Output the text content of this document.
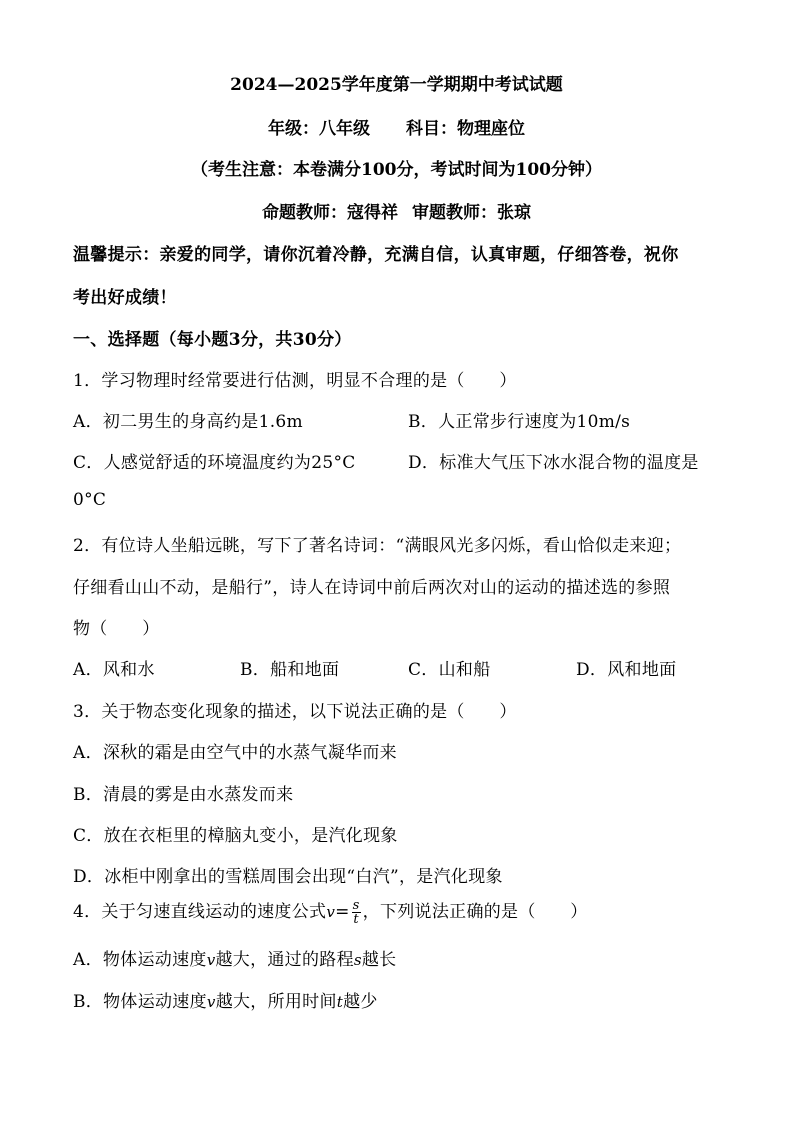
2024—2025学年度第一学期期中考试试题
年级：八年级 科目：物理座位
（考生注意：本卷满分100分，考试时间为100分钟）
命题教师：寇得祥 审题教师：张琼
温馨提示：亲爱的同学，请你沉着冷静，充满自信，认真审题，仔细答卷，祝你
考出好成绩！
一、选择题（每小题3分，共30分）
1．学习物理时经常要进行估测，明显不合理的是（　　）
A．初二男生的身高约是1.6m	B．人正常步行速度为10m/s
C．人感觉舒适的环境温度约为25°C	D．标准大气压下冰水混合物的温度是
0°C
2．有位诗人坐船远眺，写下了著名诗词：“满眼风光多闪烁，看山恰似走来迎；
仔细看山山不动，是船行”，诗人在诗词中前后两次对山的运动的描述选的参照
物（　　）
A．风和水	B．船和地面	C．山和船	D．风和地面
3．关于物态变化现象的描述，以下说法正确的是（　　）
A．深秋的霜是由空气中的水蒸气凝华而来
B．清晨的雾是由水蒸发而来
C．放在衣柜里的樟脑丸变小，是汽化现象
D．冰柜中刚拿出的雪糕周围会出现“白汽”，是汽化现象
4．关于匀速直线运动的速度公式$v= \frac{s}{t}$ ，下列说法正确的是（　　）
A．物体运动速度v越大，通过的路程s越长
B．物体运动速度v越大，所用时间t越少
